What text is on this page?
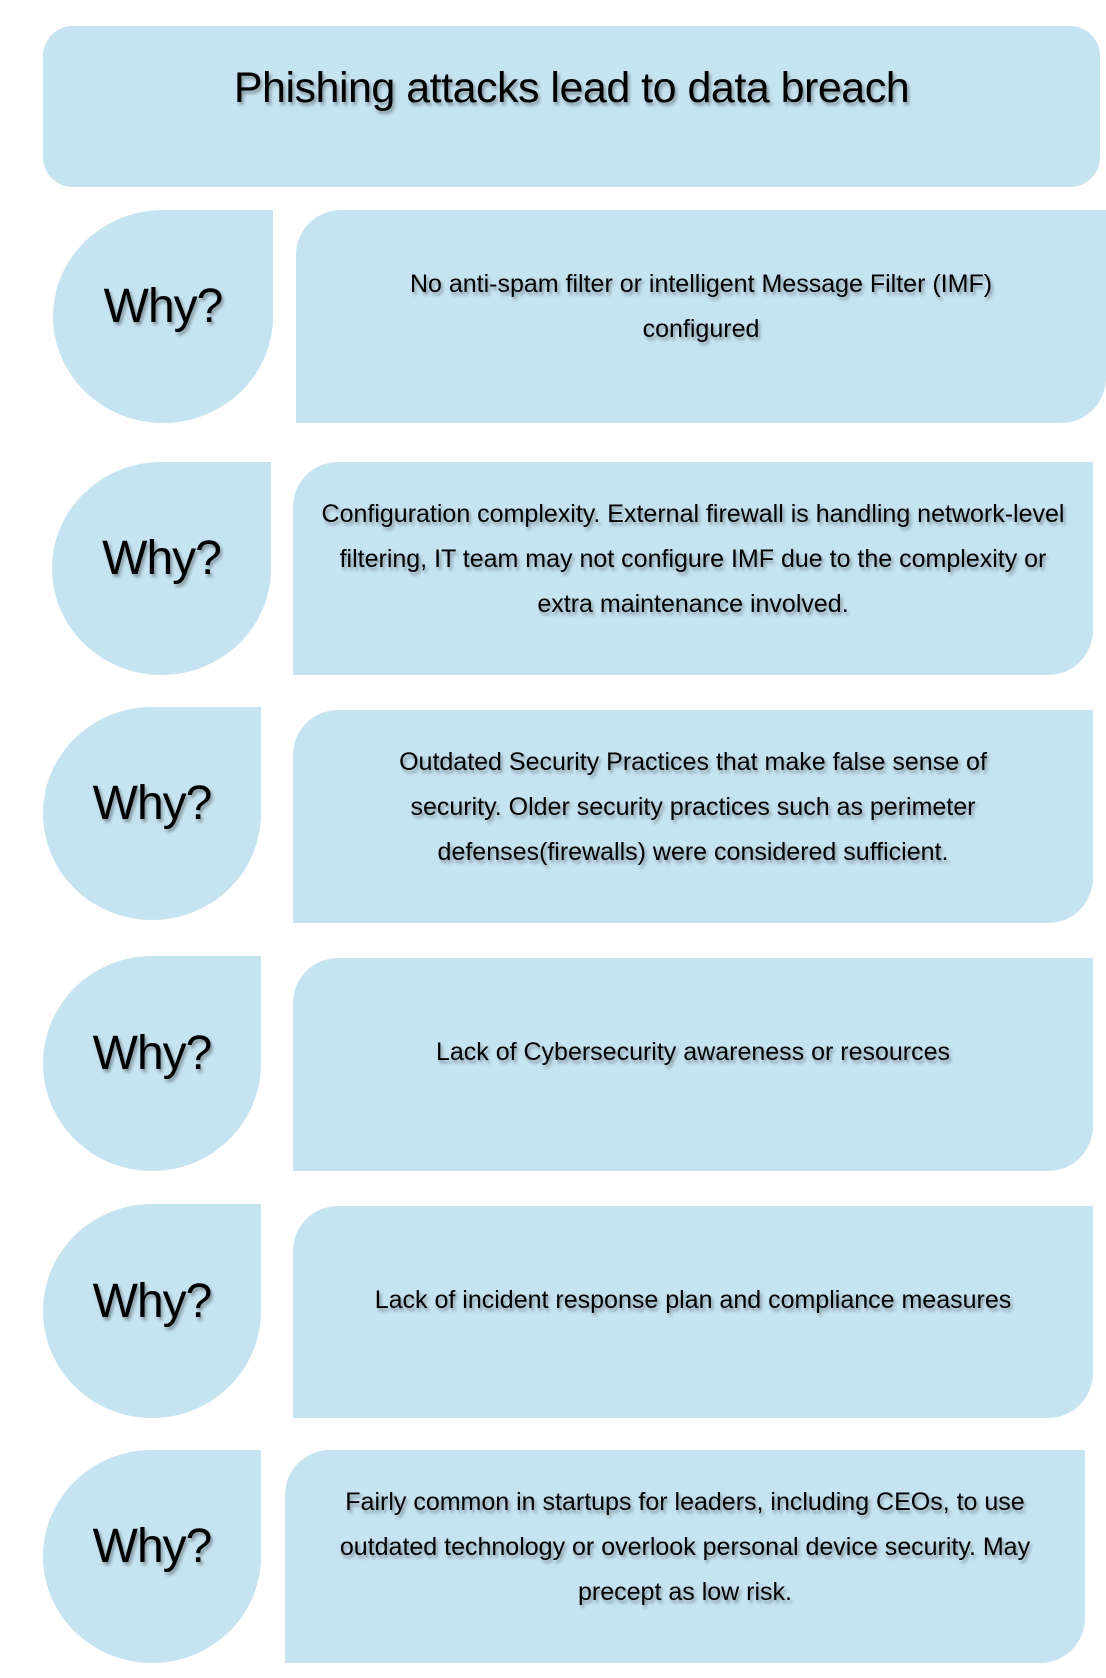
Phishing attacks lead to data breach
Why?	No anti-spam filter or intelligent Message Filter (IMF) configured
Why?
Configuration complexity. External firewall is handling network-level filtering, IT team may not configure IMF due to the complexity or extra maintenance involved.
Why?
Outdated Security Practices that make false sense of security. Older security practices such as perimeter defenses(firewalls) were considered sufficient.
Why?	Lack of Cybersecurity awareness or resources
Why?	Lack of incident response plan and compliance measures
Why?
Fairly common in startups for leaders, including CEOs, to use outdated technology or overlook personal device security. May precept as low risk.
